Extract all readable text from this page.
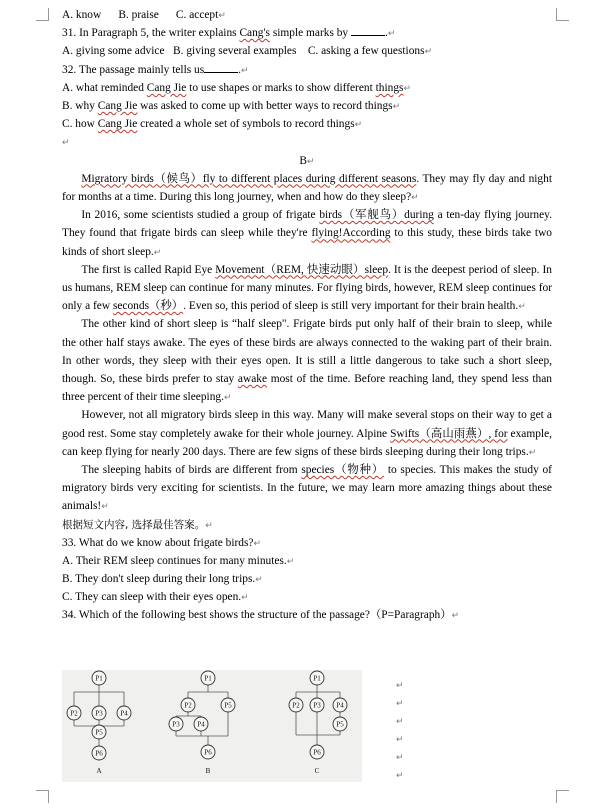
A. know B. praise C. accept↵
31. In Paragraph 5, the writer explains Cang's simple marks by	.↵
A. giving some advice B. giving several examples C. asking a few questions↵
32. The passage mainly tells us	.↵
A. what reminded Cang Jie to use shapes or marks to show different things↵
B. why Cang Jie was asked to come up with better ways to record things↵
C. how Cang Jie created a whole set of symbols to record things↵
↵
B↵
Migratory birds（候鸟）fly to different places during different seasons. They may fly day and night for months at a time. During this long journey, when and how do they sleep?↵
In 2016, some scientists studied a group of frigate birds（军舰鸟）during a ten-day flying journey. They found that frigate birds can sleep while they're flying!According to this study, these birds take two kinds of short sleep.↵
The first is called Rapid Eye Movement（REM, 快速动眼）sleep. It is the deepest period of sleep. In us humans, REM sleep can continue for many minutes. For flying birds, however, REM sleep continues for only a few seconds（秒）. Even so, this period of sleep is still very important for their brain health.↵
The other kind of short sleep is “half sleep". Frigate birds put only half of their brain to sleep, while the other half stays awake. The eyes of these birds are always connected to the waking part of their brain. In other words, they sleep with their eyes open. It is still a little dangerous to take such a short sleep, though. So, these birds prefer to stay awake most of the time. Before reaching land, they spend less than three percent of their time sleeping.↵
However, not all migratory birds sleep in this way. Many will make several stops on their way to get a good rest. Some stay completely awake for their whole journey. Alpine Swifts（高山雨燕）, for example, can keep flying for nearly 200 days. There are few signs of these birds sleeping during their long trips.↵
The sleeping habits of birds are different from species（物种） to species. This makes the study of migratory birds very exciting for scientists. In the future, we may learn more amazing things about these animals!↵
根据短文内容, 选择最佳答案。↵
33. What do we know about frigate birds?↵
A. Their REM sleep continues for many minutes.↵
B. They don't sleep during their long trips.↵
C. They can sleep with their eyes open.↵
34. Which of the following best shows the structure of the passage?（P=Paragraph）↵
P1
P2	P3	P4
P5
P6
P1
P2	P5
P3	P4
P6
P1
P2 P3 P4
P5
P6
A	B	C
↵
↵
↵
↵
↵
↵
